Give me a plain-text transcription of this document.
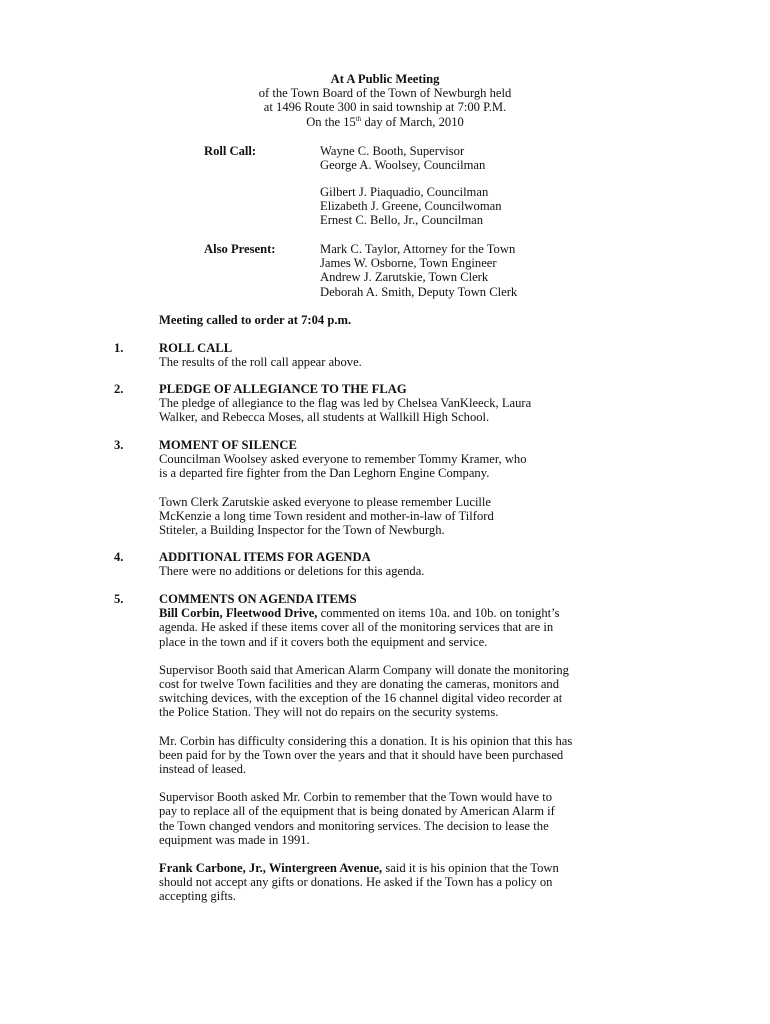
At A Public Meeting
of the Town Board of the Town of Newburgh held
at 1496 Route 300 in said township at 7:00 P.M.
On the 15th day of March, 2010
Roll Call:	Wayne C. Booth, Supervisor
George A. Woolsey, Councilman
Gilbert J. Piaquadio, Councilman
Elizabeth J. Greene, Councilwoman
Ernest C. Bello, Jr., Councilman
Also Present:	Mark C. Taylor, Attorney for the Town
James W. Osborne, Town Engineer
Andrew J. Zarutskie, Town Clerk
Deborah A. Smith, Deputy Town Clerk
Meeting called to order at 7:04 p.m.
1.	ROLL CALL
The results of the roll call appear above.
2.	PLEDGE OF ALLEGIANCE TO THE FLAG
The pledge of allegiance to the flag was led by Chelsea VanKleeck, Laura
Walker, and Rebecca Moses, all students at Wallkill High School.
3.	MOMENT OF SILENCE
Councilman Woolsey asked everyone to remember Tommy Kramer, who
is a departed fire fighter from the Dan Leghorn Engine Company.
Town Clerk Zarutskie asked everyone to please remember Lucille
McKenzie a long time Town resident and mother-in-law of Tilford
Stiteler, a Building Inspector for the Town of Newburgh.
4.	ADDITIONAL ITEMS FOR AGENDA
There were no additions or deletions for this agenda.
5.	COMMENTS ON AGENDA ITEMS
Bill Corbin, Fleetwood Drive, commented on items 10a. and 10b. on tonight’s
agenda. He asked if these items cover all of the monitoring services that are in
place in the town and if it covers both the equipment and service.
Supervisor Booth said that American Alarm Company will donate the monitoring
cost for twelve Town facilities and they are donating the cameras, monitors and
switching devices, with the exception of the 16 channel digital video recorder at
the Police Station. They will not do repairs on the security systems.
Mr. Corbin has difficulty considering this a donation. It is his opinion that this has
been paid for by the Town over the years and that it should have been purchased
instead of leased.
Supervisor Booth asked Mr. Corbin to remember that the Town would have to
pay to replace all of the equipment that is being donated by American Alarm if
the Town changed vendors and monitoring services. The decision to lease the
equipment was made in 1991.
Frank Carbone, Jr., Wintergreen Avenue, said it is his opinion that the Town
should not accept any gifts or donations. He asked if the Town has a policy on
accepting gifts.
